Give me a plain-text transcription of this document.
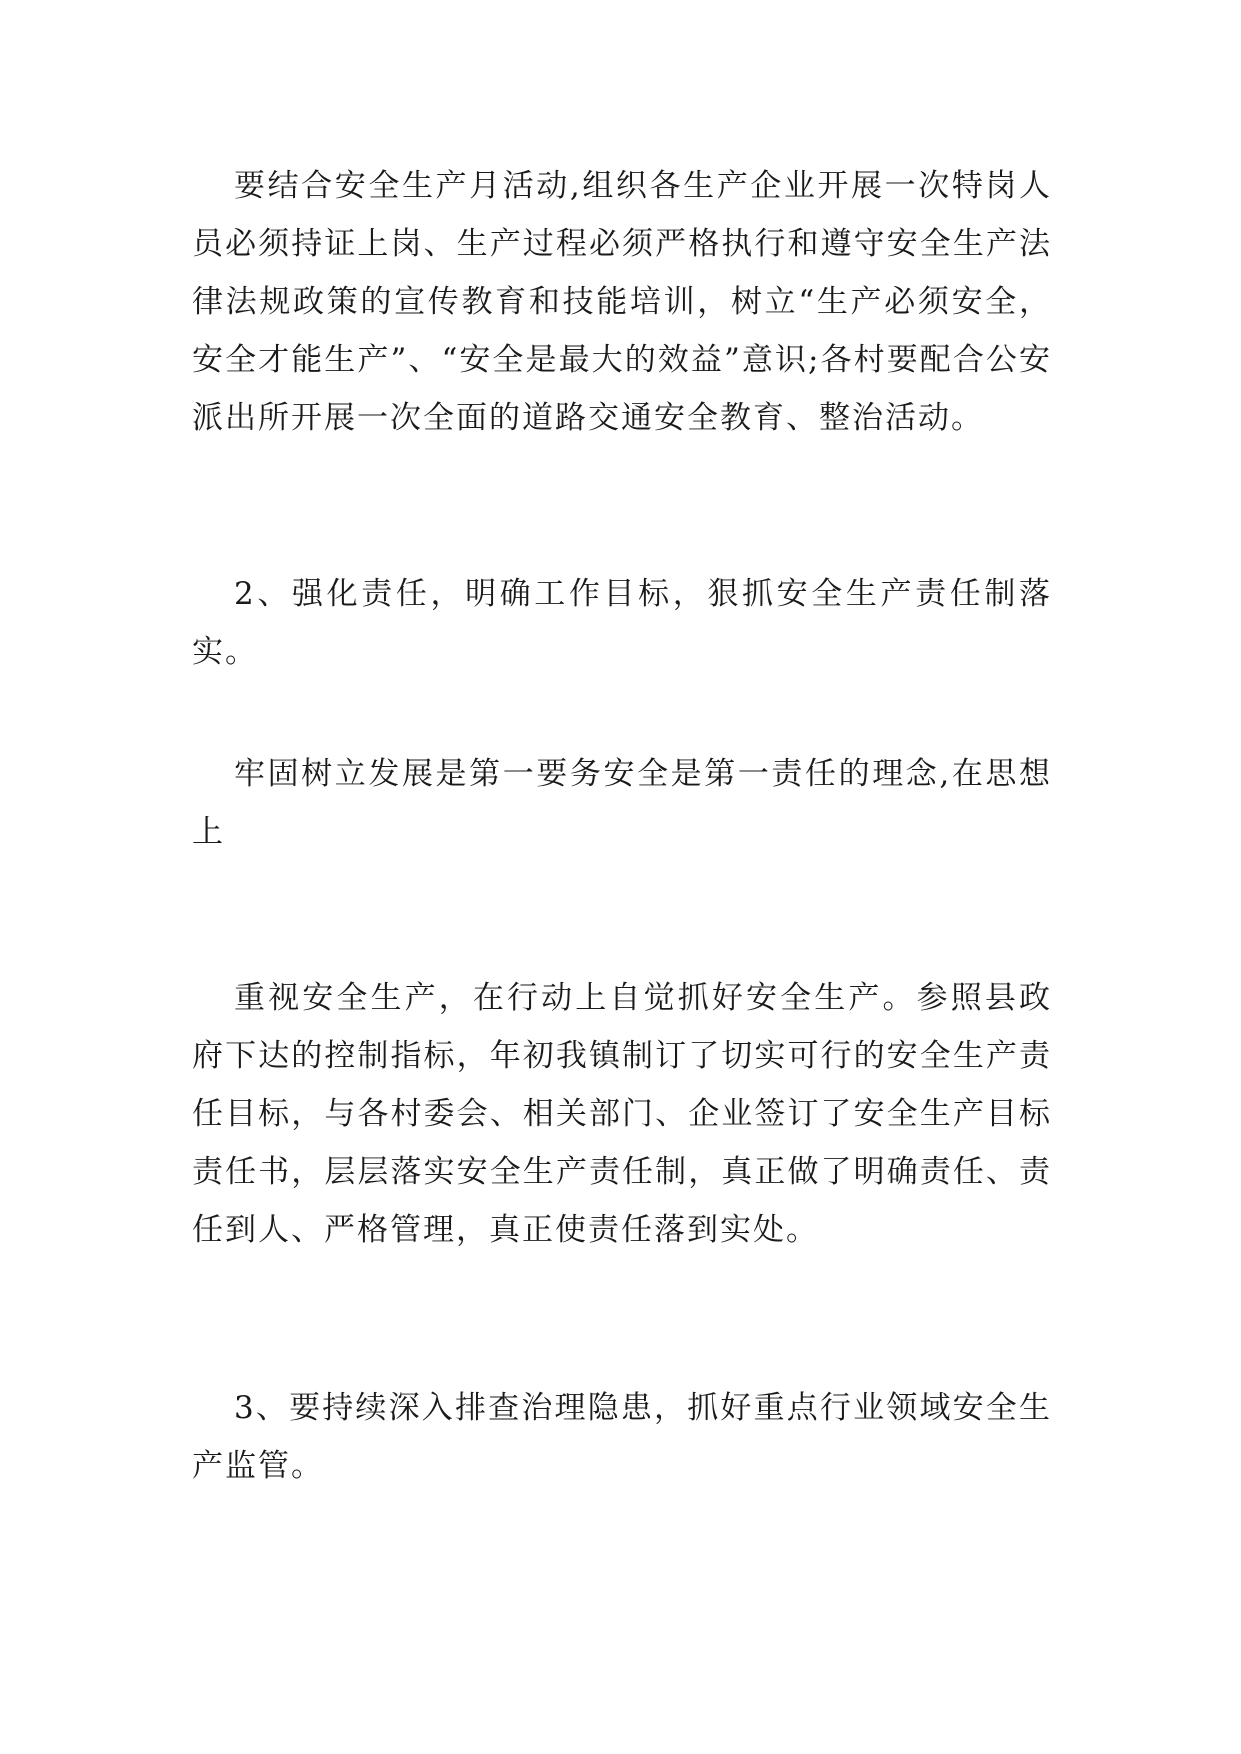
要结合安全生产月活动,组织各生产企业开展一次特岗人员必须持证上岗、生产过程必须严格执行和遵守安全生产法律法规政策的宣传教育和技能培训，树立“生产必须安全，安全才能生产”、“安全是最大的效益”意识;各村要配合公安派出所开展一次全面的道路交通安全教育、整治活动。

2、强化责任，明确工作目标，狠抓安全生产责任制落实。

牢固树立发展是第一要务安全是第一责任的理念,在思想上

重视安全生产，在行动上自觉抓好安全生产。参照县政府下达的控制指标，年初我镇制订了切实可行的安全生产责任目标，与各村委会、相关部门、企业签订了安全生产目标责任书，层层落实安全生产责任制，真正做了明确责任、责任到人、严格管理，真正使责任落到实处。

3、要持续深入排查治理隐患，抓好重点行业领域安全生产监管。
